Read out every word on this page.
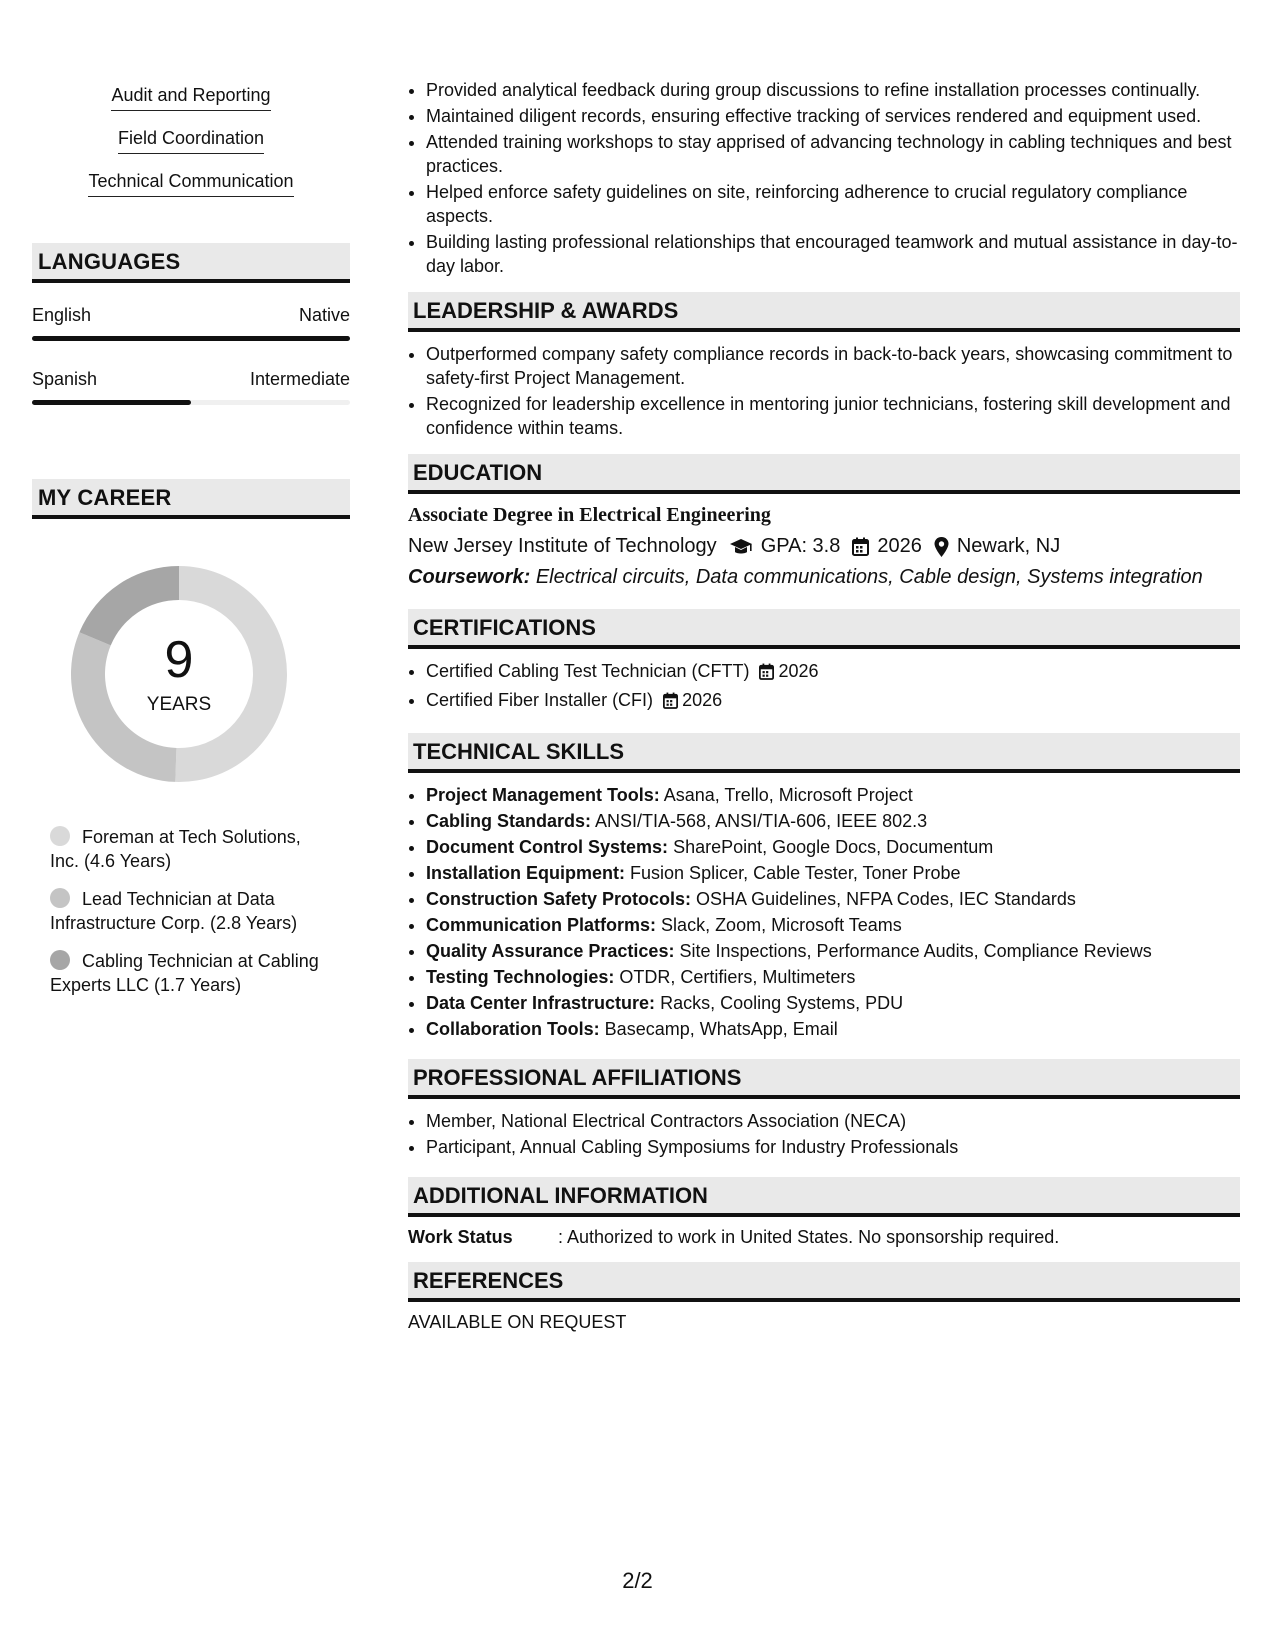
Audit and Reporting
Field Coordination
Technical Communication
LANGUAGES
English	Native
Spanish	Intermediate
MY CAREER
9
YEARS
Foreman at Tech Solutions, Inc. (4.6 Years)
Lead Technician at Data Infrastructure Corp. (2.8 Years)
Cabling Technician at Cabling Experts LLC (1.7 Years)
• Provided analytical feedback during group discussions to refine installation processes continually.
• Maintained diligent records, ensuring effective tracking of services rendered and equipment used.
• Attended training workshops to stay apprised of advancing technology in cabling techniques and best practices.
• Helped enforce safety guidelines on site, reinforcing adherence to crucial regulatory compliance aspects.
• Building lasting professional relationships that encouraged teamwork and mutual assistance in day-to-day labor.
LEADERSHIP & AWARDS
• Outperformed company safety compliance records in back-to-back years, showcasing commitment to safety-first Project Management.
• Recognized for leadership excellence in mentoring junior technicians, fostering skill development and confidence within teams.
EDUCATION
Associate Degree in Electrical Engineering
New Jersey Institute of Technology GPA: 3.8 2026 Newark, NJ
Coursework: Electrical circuits, Data communications, Cable design, Systems integration
CERTIFICATIONS
• Certified Cabling Test Technician (CFTT) 2026
• Certified Fiber Installer (CFI) 2026
TECHNICAL SKILLS
• Project Management Tools: Asana, Trello, Microsoft Project
• Cabling Standards: ANSI/TIA-568, ANSI/TIA-606, IEEE 802.3
• Document Control Systems: SharePoint, Google Docs, Documentum
• Installation Equipment: Fusion Splicer, Cable Tester, Toner Probe
• Construction Safety Protocols: OSHA Guidelines, NFPA Codes, IEC Standards
• Communication Platforms: Slack, Zoom, Microsoft Teams
• Quality Assurance Practices: Site Inspections, Performance Audits, Compliance Reviews
• Testing Technologies: OTDR, Certifiers, Multimeters
• Data Center Infrastructure: Racks, Cooling Systems, PDU
• Collaboration Tools: Basecamp, WhatsApp, Email
PROFESSIONAL AFFILIATIONS
• Member, National Electrical Contractors Association (NECA)
• Participant, Annual Cabling Symposiums for Industry Professionals
ADDITIONAL INFORMATION
Work Status	: Authorized to work in United States. No sponsorship required.
REFERENCES
AVAILABLE ON REQUEST
2/2
